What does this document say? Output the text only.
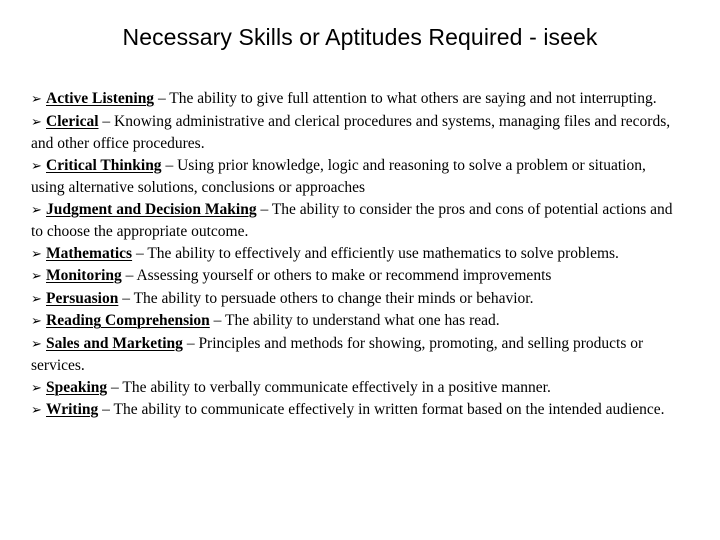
Necessary Skills or Aptitudes Required - iseek
➢ Active Listening – The ability to give full attention to what others are saying and not interrupting.
➢ Clerical – Knowing administrative and clerical procedures and systems, managing files and records, and other office procedures.
➢ Critical Thinking – Using prior knowledge, logic and reasoning to solve a problem or situation, using alternative solutions, conclusions or approaches
➢ Judgment and Decision Making – The ability to consider the pros and cons of potential actions and to choose the appropriate outcome.
➢ Mathematics – The ability to effectively and efficiently use mathematics to solve problems.
➢ Monitoring – Assessing yourself or others to make or recommend improvements
➢ Persuasion – The ability to persuade others to change their minds or behavior.
➢ Reading Comprehension – The ability to understand what one has read.
➢ Sales and Marketing – Principles and methods for showing, promoting, and selling products or services.
➢ Speaking – The ability to verbally communicate effectively in a positive manner.
➢ Writing – The ability to communicate effectively in written format based on the intended audience.
